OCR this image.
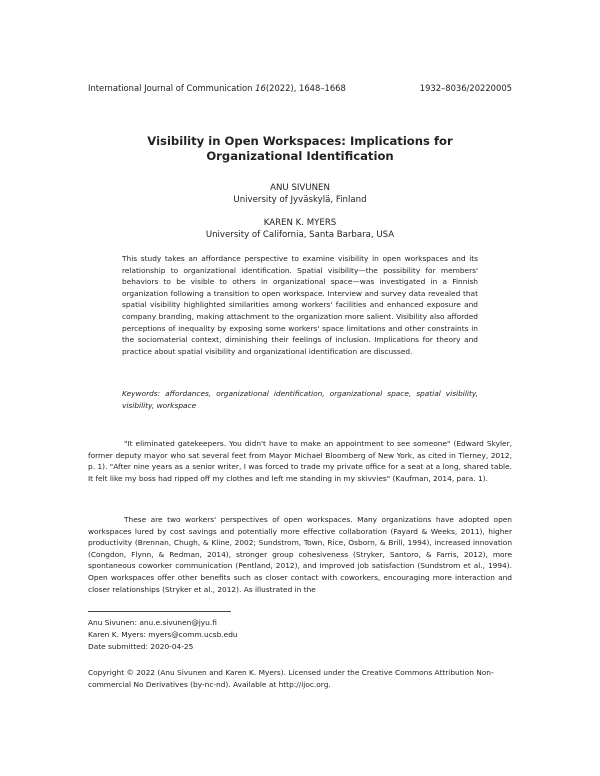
International Journal of Communication 16(2022), 1648–1668	1932–8036/20220005
Visibility in Open Workspaces: Implications for Organizational Identification
ANU SIVUNEN
University of Jyväskylä, Finland
KAREN K. MYERS
University of California, Santa Barbara, USA

This study takes an affordance perspective to examine visibility in open workspaces and its relationship to organizational identification. Spatial visibility—the possibility for members' behaviors to be visible to others in organizational space—was investigated in a Finnish organization following a transition to open workspace. Interview and survey data revealed that spatial visibility highlighted similarities among workers' facilities and enhanced exposure and company branding, making attachment to the organization more salient. Visibility also afforded perceptions of inequality by exposing some workers' space limitations and other constraints in the sociomaterial context, diminishing their feelings of inclusion. Implications for theory and practice about spatial visibility and organizational identification are discussed.

Keywords: affordances, organizational identification, organizational space, spatial visibility, visibility, workspace

"It eliminated gatekeepers. You didn't have to make an appointment to see someone" (Edward Skyler, former deputy mayor who sat several feet from Mayor Michael Bloomberg of New York, as cited in Tierney, 2012, p. 1). "After nine years as a senior writer, I was forced to trade my private office for a seat at a long, shared table. It felt like my boss had ripped off my clothes and left me standing in my skivvies" (Kaufman, 2014, para. 1).

These are two workers' perspectives of open workspaces. Many organizations have adopted open workspaces lured by cost savings and potentially more effective collaboration (Fayard & Weeks, 2011), higher productivity (Brennan, Chugh, & Kline, 2002; Sundstrom, Town, Rice, Osborn, & Brill, 1994), increased innovation (Congdon, Flynn, & Redman, 2014), stronger group cohesiveness (Stryker, Santoro, & Farris, 2012), more spontaneous coworker communication (Pentland, 2012), and improved job satisfaction (Sundstrom et al., 1994). Open workspaces offer other benefits such as closer contact with coworkers, encouraging more interaction and closer relationships (Stryker et al., 2012). As illustrated in the

Anu Sivunen: anu.e.sivunen@jyu.fi
Karen K. Myers: myers@comm.ucsb.edu
Date submitted: 2020-04-25

Copyright © 2022 (Anu Sivunen and Karen K. Myers). Licensed under the Creative Commons Attribution Non-commercial No Derivatives (by-nc-nd). Available at http://ijoc.org.
